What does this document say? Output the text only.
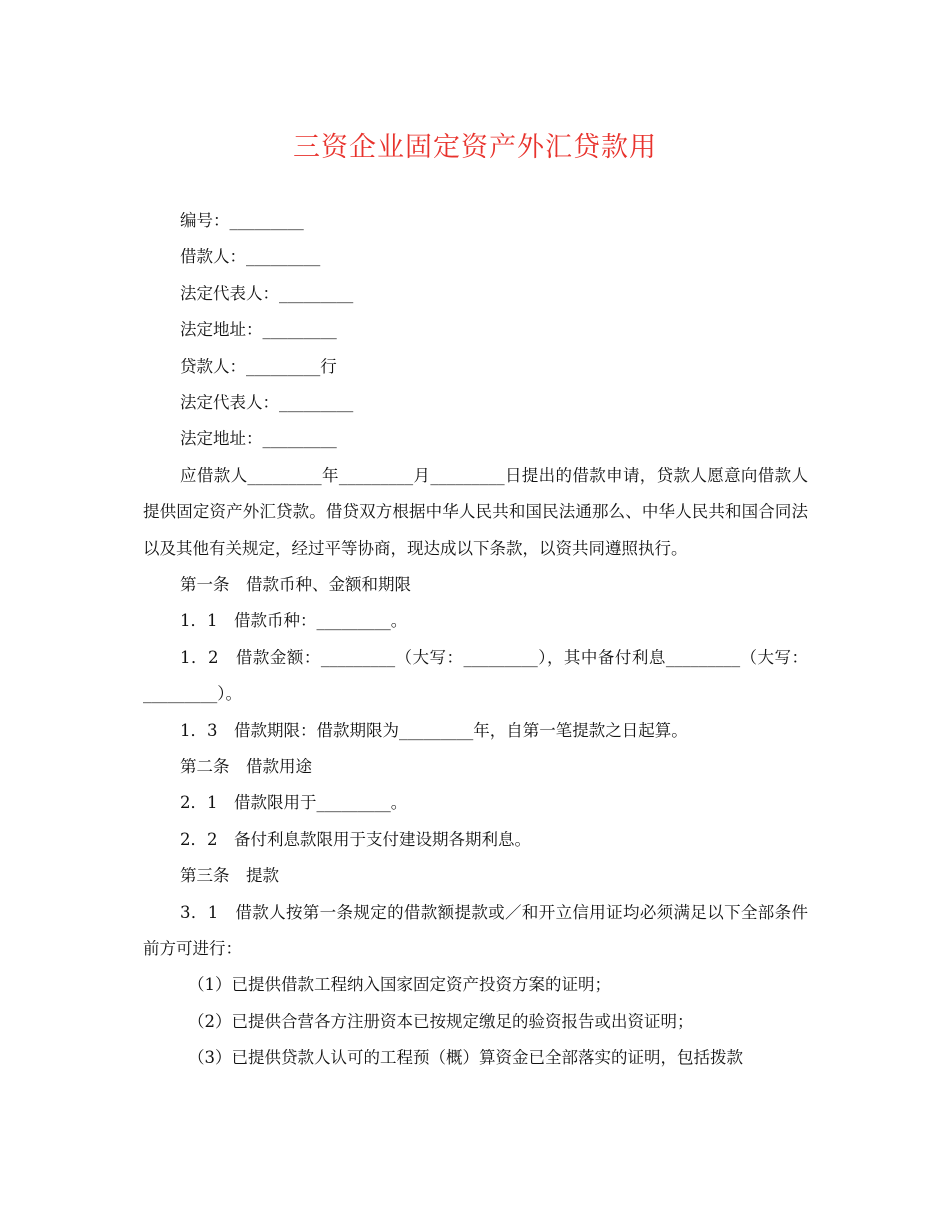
三资企业固定资产外汇贷款用

编号：_________

借款人：_________

法定代表人：_________

法定地址：_________

贷款人：_________行

法定代表人：_________

法定地址：_________

应借款人_________年_________月_________日提出的借款申请，贷款人愿意向借款人提供固定资产外汇贷款。借贷双方根据中华人民共和国民法通那么、中华人民共和国合同法以及其他有关规定，经过平等协商，现达成以下条款，以资共同遵照执行。

第一条　借款币种、金额和期限

1．1　借款币种：_________。

1．2　借款金额：_________（大写：_________），其中备付利息_________（大写：_________）。

1．3　借款期限：借款期限为_________年，自第一笔提款之日起算。

第二条　借款用途

2．1　借款限用于_________。

2．2　备付利息款限用于支付建设期各期利息。

第三条　提款

3．1　借款人按第一条规定的借款额提款或／和开立信用证均必须满足以下全部条件前方可进行：

（1）已提供借款工程纳入国家固定资产投资方案的证明；

（2）已提供合营各方注册资本已按规定缴足的验资报告或出资证明；

（3）已提供贷款人认可的工程预（概）算资金已全部落实的证明，包括拨款
